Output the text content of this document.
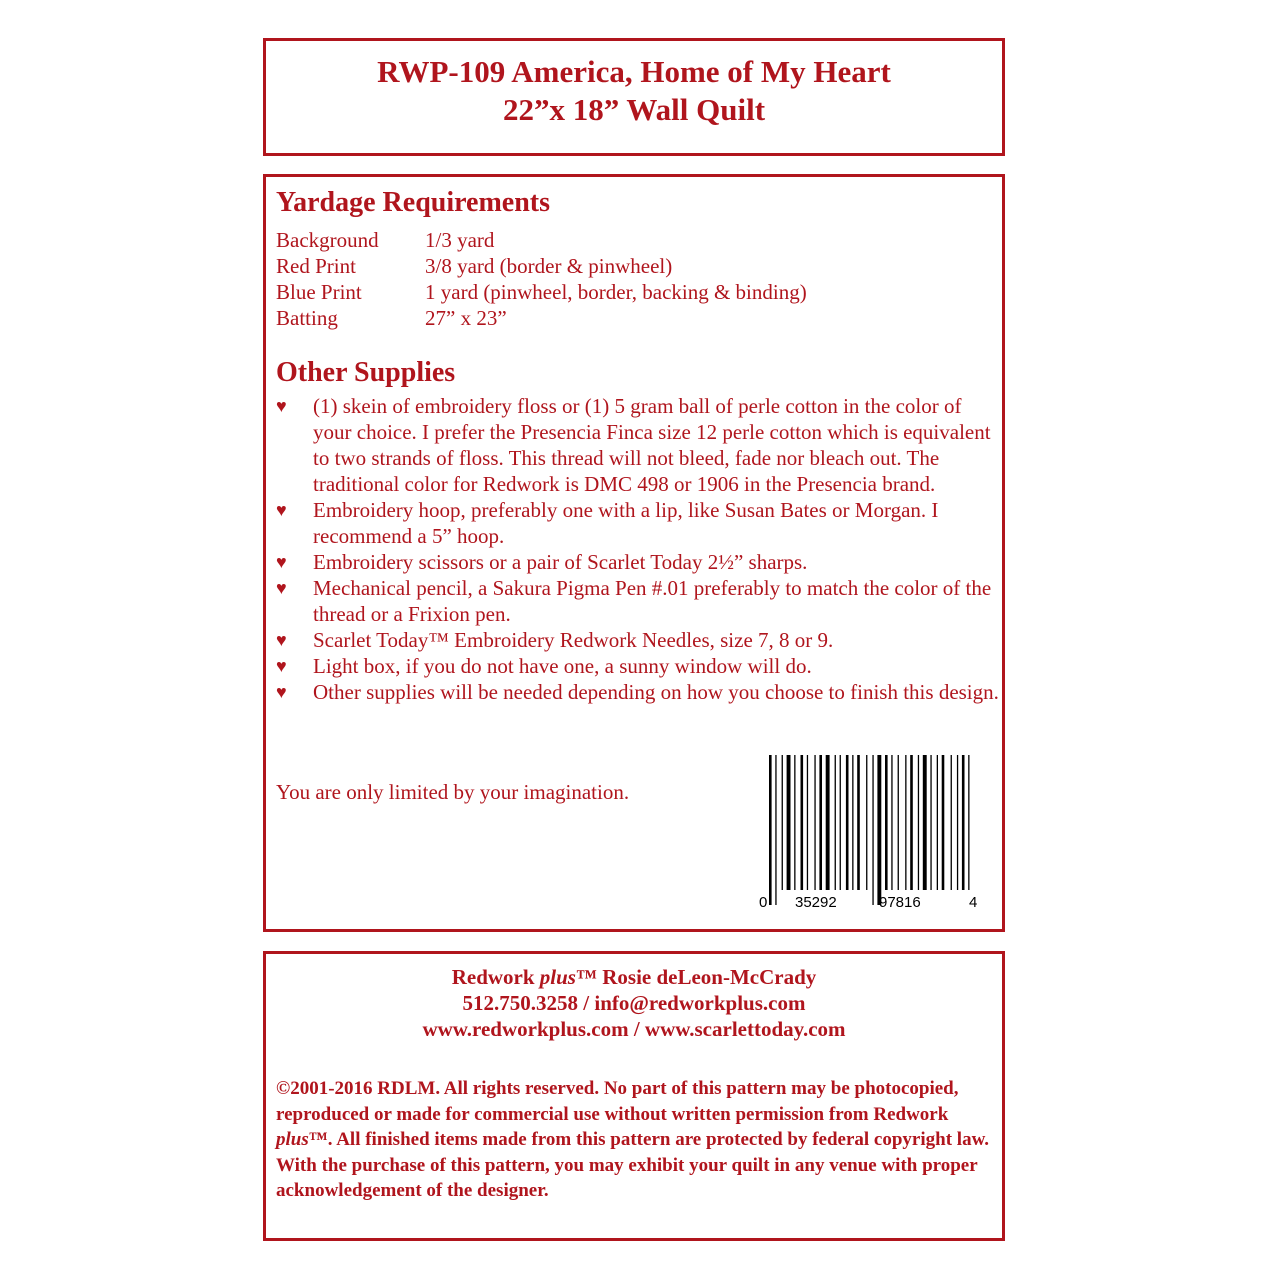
RWP-109 America, Home of My Heart
22”x 18” Wall Quilt
Yardage Requirements
Background	1/3 yard
Red Print	3/8 yard (border & pinwheel)
Blue Print	1 yard (pinwheel, border, backing & binding)
Batting	27” x 23”
Other Supplies
♥	(1) skein of embroidery floss or (1) 5 gram ball of perle cotton in the color of your choice. I prefer the Presencia Finca size 12 perle cotton which is equivalent to two strands of floss. This thread will not bleed, fade nor bleach out. The traditional color for Redwork is DMC 498 or 1906 in the Presencia brand.
♥	Embroidery hoop, preferably one with a lip, like Susan Bates or Morgan. I recommend a 5” hoop.
♥	Embroidery scissors or a pair of Scarlet Today 2½” sharps.
♥	Mechanical pencil, a Sakura Pigma Pen #.01 preferably to match the color of the thread or a Frixion pen.
♥	Scarlet Today™ Embroidery Redwork Needles, size 7, 8 or 9.
♥	Light box, if you do not have one, a sunny window will do.
♥	Other supplies will be needed depending on how you choose to finish this design.
You are only limited by your imagination.
0 35292	97816	4
Redwork plus™ Rosie deLeon-McCrady
512.750.3258 / info@redworkplus.com
www.redworkplus.com / www.scarlettoday.com
©2001-2016 RDLM. All rights reserved. No part of this pattern may be photocopied, reproduced or made for commercial use without written permission from Redwork plus™. All finished items made from this pattern are protected by federal copyright law. With the purchase of this pattern, you may exhibit your quilt in any venue with proper acknowledgement of the designer.
